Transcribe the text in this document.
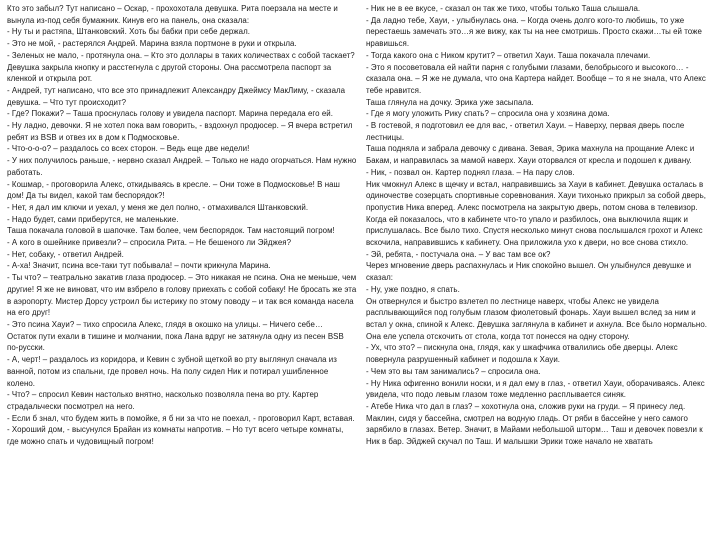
Кто это забыл? Тут написано – Оскар, - прохохотала девушка. Рита поерзала на месте и вынула из-под себя бумажник. Кинув его на панель, она сказала:
- Ну ты и растяпа, Штанковский. Хоть бы бабки при себе держал.
- Это не мой, - растерялся Андрей. Марина взяла портмоне в руки и открыла.
- Зеленых не мало, - протянула она. – Кто это доллары в таких количествах с собой таскает?
Девушка закрыла кнопку и расстегнула с другой стороны. Она рассмотрела паспорт за кленкой и открыла рот.
- Андрей, тут написано, что все это принадлежит Александру Джеймсу МакЛиму, - сказала девушка. – Что тут происходит?
- Где? Покажи? – Таша проснулась голову и увидела паспорт. Марина передала его ей.
- Ну ладно, девочки. Я не хотел пока вам говорить, - вздохнул продюсер. – Я вчера встретил ребят из BSB и отвез их в дом к Подмосковье.
- Что-о-о-о? – раздалось со всех сторон. – Ведь еще две недели!
- У них получилось раньше, - нервно сказал Андрей. – Только не надо огорчаться. Нам нужно работать.
- Кошмар, - проговорила Алекс, откидываясь в кресле. – Они тоже в Подмосковье! В наш дом! Да ты видел, какой там беспорядок?!
- Нет, я дал им ключи и уехал, у меня же дел полно, - отмахивался Штанковский.
- Надо будет, сами приберутся, не маленькие.
Таша покачала головой в шапочке. Там более, чем беспорядок. Там настоящий погром!
- А кого в ошейнике привезли? – спросила Рита. – Не бешеного ли Эйджея?
- Нет, собаку, - ответил Андрей.
- А-ха! Значит, псина все-таки тут побывала! – почти крикнула Марина.
- Ты что? – театрально закатив глаза продюсер. – Это никакая не псина. Она не меньше, чем другие! Я же не виноват, что им взбрело в голову приехать с собой собаку! Не бросать же эта в аэропорту. Мистер Дорсу устроил бы истерику по этому поводу – и так вся команда насела на его друг!
- Это псина Хауи? – тихо спросила Алекс, глядя в окошко на улицы. – Ничего себе…
Остаток пути ехали в тишине и молчании, пока Лана вдруг не затянула одну из песен BSB по-русски.
- А, черт! – раздалось из коридора, и Кевин с зубной щеткой во рту выглянул сначала из ванной, потом из спальни, где провел ночь. На полу сидел Ник и потирал ушибленное колено.
- Что? – спросил Кевин настолько внятно, насколько позволяла пена во рту. Картер страдальчески посмотрел на него.
- Если б знал, что будем жить в помойке, я б ни за что не поехал, - проговорил Карт, вставая.
- Хороший дом, - высунулся Брайан из комнаты напротив. – Но тут всего четыре комнаты, где можно спать и чудовищный погром!
- Ник не в ее вкусе, - сказал он так же тихо, чтобы только Таша слышала.
- Да ладно тебе, Хауи, - улыбнулась она. – Когда очень долго кого-то любишь, то уже перестаешь замечать это…я же вижу, как ты на нее смотришь. Просто скажи…ты ей тоже нравишься.
- Тогда какого она с Ником крутит? – ответил Хауи. Таша покачала плечами.
- Это я посоветовала ей найти парня с голубыми глазами, белобрысого и высокого… - сказала она. – Я же не думала, что она Картера найдет. Вообще – то я не знала, что Алекс тебе нравится.
Таша глянула на дочку. Эрика уже засыпала.
- Где я могу уложить Рику спать? – спросила она у хозяина дома.
- В гостевой, я подготовил ее для вас, - ответил Хауи. – Наверху, первая дверь после лестницы.
Таша подняла и забрала девочку с дивана. Зевая, Эрика махнула на прощание Алекс и Бакам, и направилась за мамой наверх. Хауи оторвался от кресла и подошел к дивану.
- Ник, - позвал он. Картер поднял глаза. – На пару слов.
Ник чмокнул Алекс в щечку и встал, направившись за Хауи в кабинет. Девушка осталась в одиночестве созерцать спортивные соревнования. Хауи тихонько прикрыл за собой дверь, пропустив Ника вперед. Алекс посмотрела на закрытую дверь, потом снова в телевизор. Когда ей показалось, что в кабинете что-то упало и разбилось, она выключила ящик и прислушалась. Все было тихо. Спустя несколько минут снова послышался грохот и Алекс вскочила, направившись к кабинету. Она приложила ухо к двери, но все снова стихло.
- Эй, ребята, - постучала она. – У вас там все ок?
Через мгновение дверь распахнулась и Ник спокойно вышел. Он улыбнулся девушке и сказал:
- Ну, уже поздно, я спать.
Он отвернулся и быстро взлетел по лестнице наверх, чтобы Алекс не увидела расплывающийся под голубым глазом фиолетовый фонарь. Хауи вышел вслед за ним и встал у окна, спиной к Алекс. Девушка заглянула в кабинет и ахнула. Все было нормально. Она еле успела отскочить от стола, когда тот понесся на одну сторону.
- Ух, что это? – пискнула она, глядя, как у шкафчика отвалились обе дверцы. Алекс повернула разрушенный кабинет и подошла к Хауи.
- Чем это вы там занимались? – спросила она.
- Ну Ника офигенно вонили носки, и я дал ему в глаз, - ответил Хауи, оборачиваясь. Алекс увидела, что подо левым глазом тоже медленно расплывается синяк.
- Атебе Ника что дал в глаз? – хохотнула она, сложив руки на груди. – Я принесу лед. Маклин, сидя у бассейна, смотрел на водную гладь. От ряби в бассейне у него самого зарябило в глазах. Ветер. Значит, в Майами небольшой шторм… Таш и девочек повезли к Ник в бар. Эйджей скучал по Таш. И малышки Эрики тоже начало не хватать
